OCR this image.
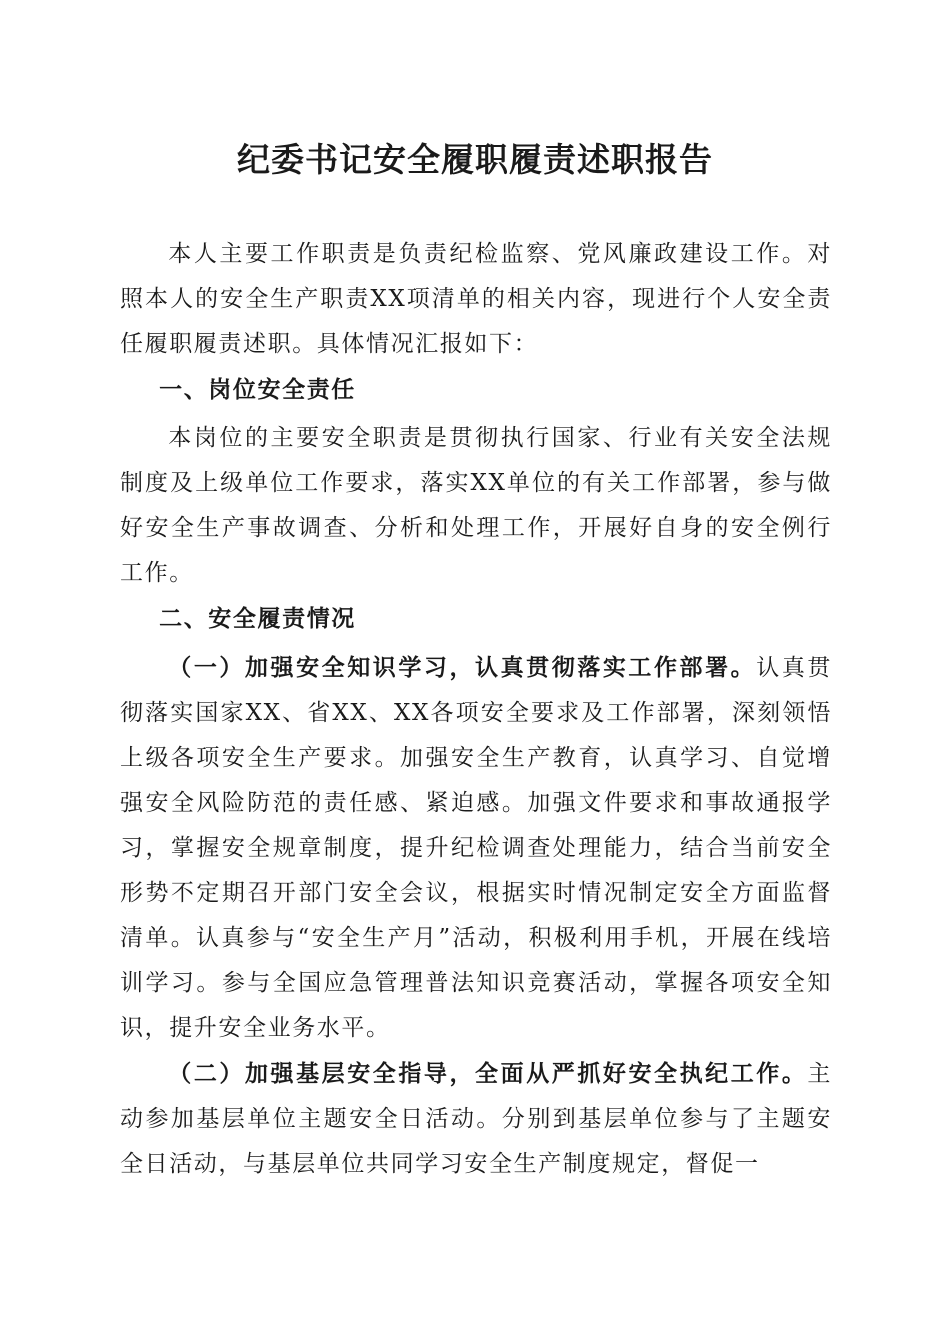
纪委书记安全履职履责述职报告

本人主要工作职责是负责纪检监察、党风廉政建设工作。对照本人的安全生产职责XX项清单的相关内容，现进行个人安全责任履职履责述职。具体情况汇报如下：

一、岗位安全责任

本岗位的主要安全职责是贯彻执行国家、行业有关安全法规制度及上级单位工作要求，落实XX单位的有关工作部署，参与做好安全生产事故调查、分析和处理工作，开展好自身的安全例行工作。

二、安全履责情况

（一）加强安全知识学习，认真贯彻落实工作部署。认真贯彻落实国家XX、省XX、XX各项安全要求及工作部署，深刻领悟上级各项安全生产要求。加强安全生产教育，认真学习、自觉增强安全风险防范的责任感、紧迫感。加强文件要求和事故通报学习，掌握安全规章制度，提升纪检调查处理能力，结合当前安全形势不定期召开部门安全会议，根据实时情况制定安全方面监督清单。认真参与“安全生产月”活动，积极利用手机，开展在线培训学习。参与全国应急管理普法知识竞赛活动，掌握各项安全知识，提升安全业务水平。

（二）加强基层安全指导，全面从严抓好安全执纪工作。主动参加基层单位主题安全日活动。分别到基层单位参与了主题安全日活动，与基层单位共同学习安全生产制度规定，督促一
